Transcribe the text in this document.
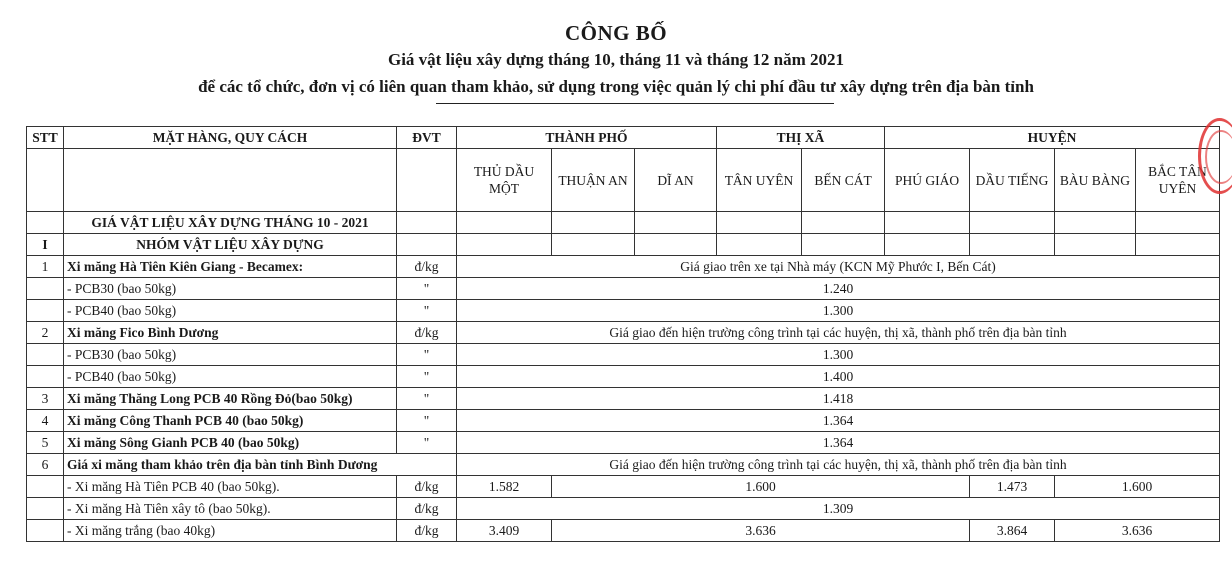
CÔNG BỐ
Giá vật liệu xây dựng tháng 10, tháng 11 và tháng 12 năm 2021
để các tổ chức, đơn vị có liên quan tham khảo, sử dụng trong việc quản lý chi phí đầu tư xây dựng trên địa bàn tỉnh
STT	MẶT HÀNG, QUY CÁCH	ĐVT	THÀNH PHỐ			THỊ XÃ		HUYỆN			
			THỦ DẦU MỘT	THUẬN AN	DĨ AN	TÂN UYÊN	BẾN CÁT	PHÚ GIÁO	DẦU TIẾNG	BÀU BÀNG	BẮC TÂN UYÊN
	GIÁ VẬT LIỆU XÂY DỰNG THÁNG 10 - 2021										
I	NHÓM VẬT LIỆU XÂY DỰNG										
1	Xi măng Hà Tiên Kiên Giang - Becamex:	đ/kg	Giá giao trên xe tại Nhà máy (KCN Mỹ Phước I, Bến Cát)								
	- PCB30 (bao 50kg)	"	1.240								
	- PCB40 (bao 50kg)	"	1.300								
2	Xi măng Fico Bình Dương	đ/kg	Giá giao đến hiện trường công trình tại các huyện, thị xã, thành phố trên địa bàn tỉnh								
	- PCB30 (bao 50kg)	"	1.300								
	- PCB40 (bao 50kg)	"	1.400								
3	Xi măng Thăng Long PCB 40 Rồng Đỏ(bao 50kg)	"	1.418								
4	Xi măng Công Thanh PCB 40 (bao 50kg)	"	1.364								
5	Xi măng Sông Gianh PCB 40 (bao 50kg)	"	1.364								
6	Giá xi măng tham khảo trên địa bàn tỉnh Bình Dương		Giá giao đến hiện trường công trình tại các huyện, thị xã, thành phố trên địa bàn tỉnh								
	- Xi măng Hà Tiên PCB 40 (bao 50kg).	đ/kg	1.582	1.600					1.473	1.600	
	- Xi măng Hà Tiên xây tô (bao 50kg).	đ/kg	1.309								
	- Xi măng trắng (bao 40kg)	đ/kg	3.409	3.636					3.864	3.636	
